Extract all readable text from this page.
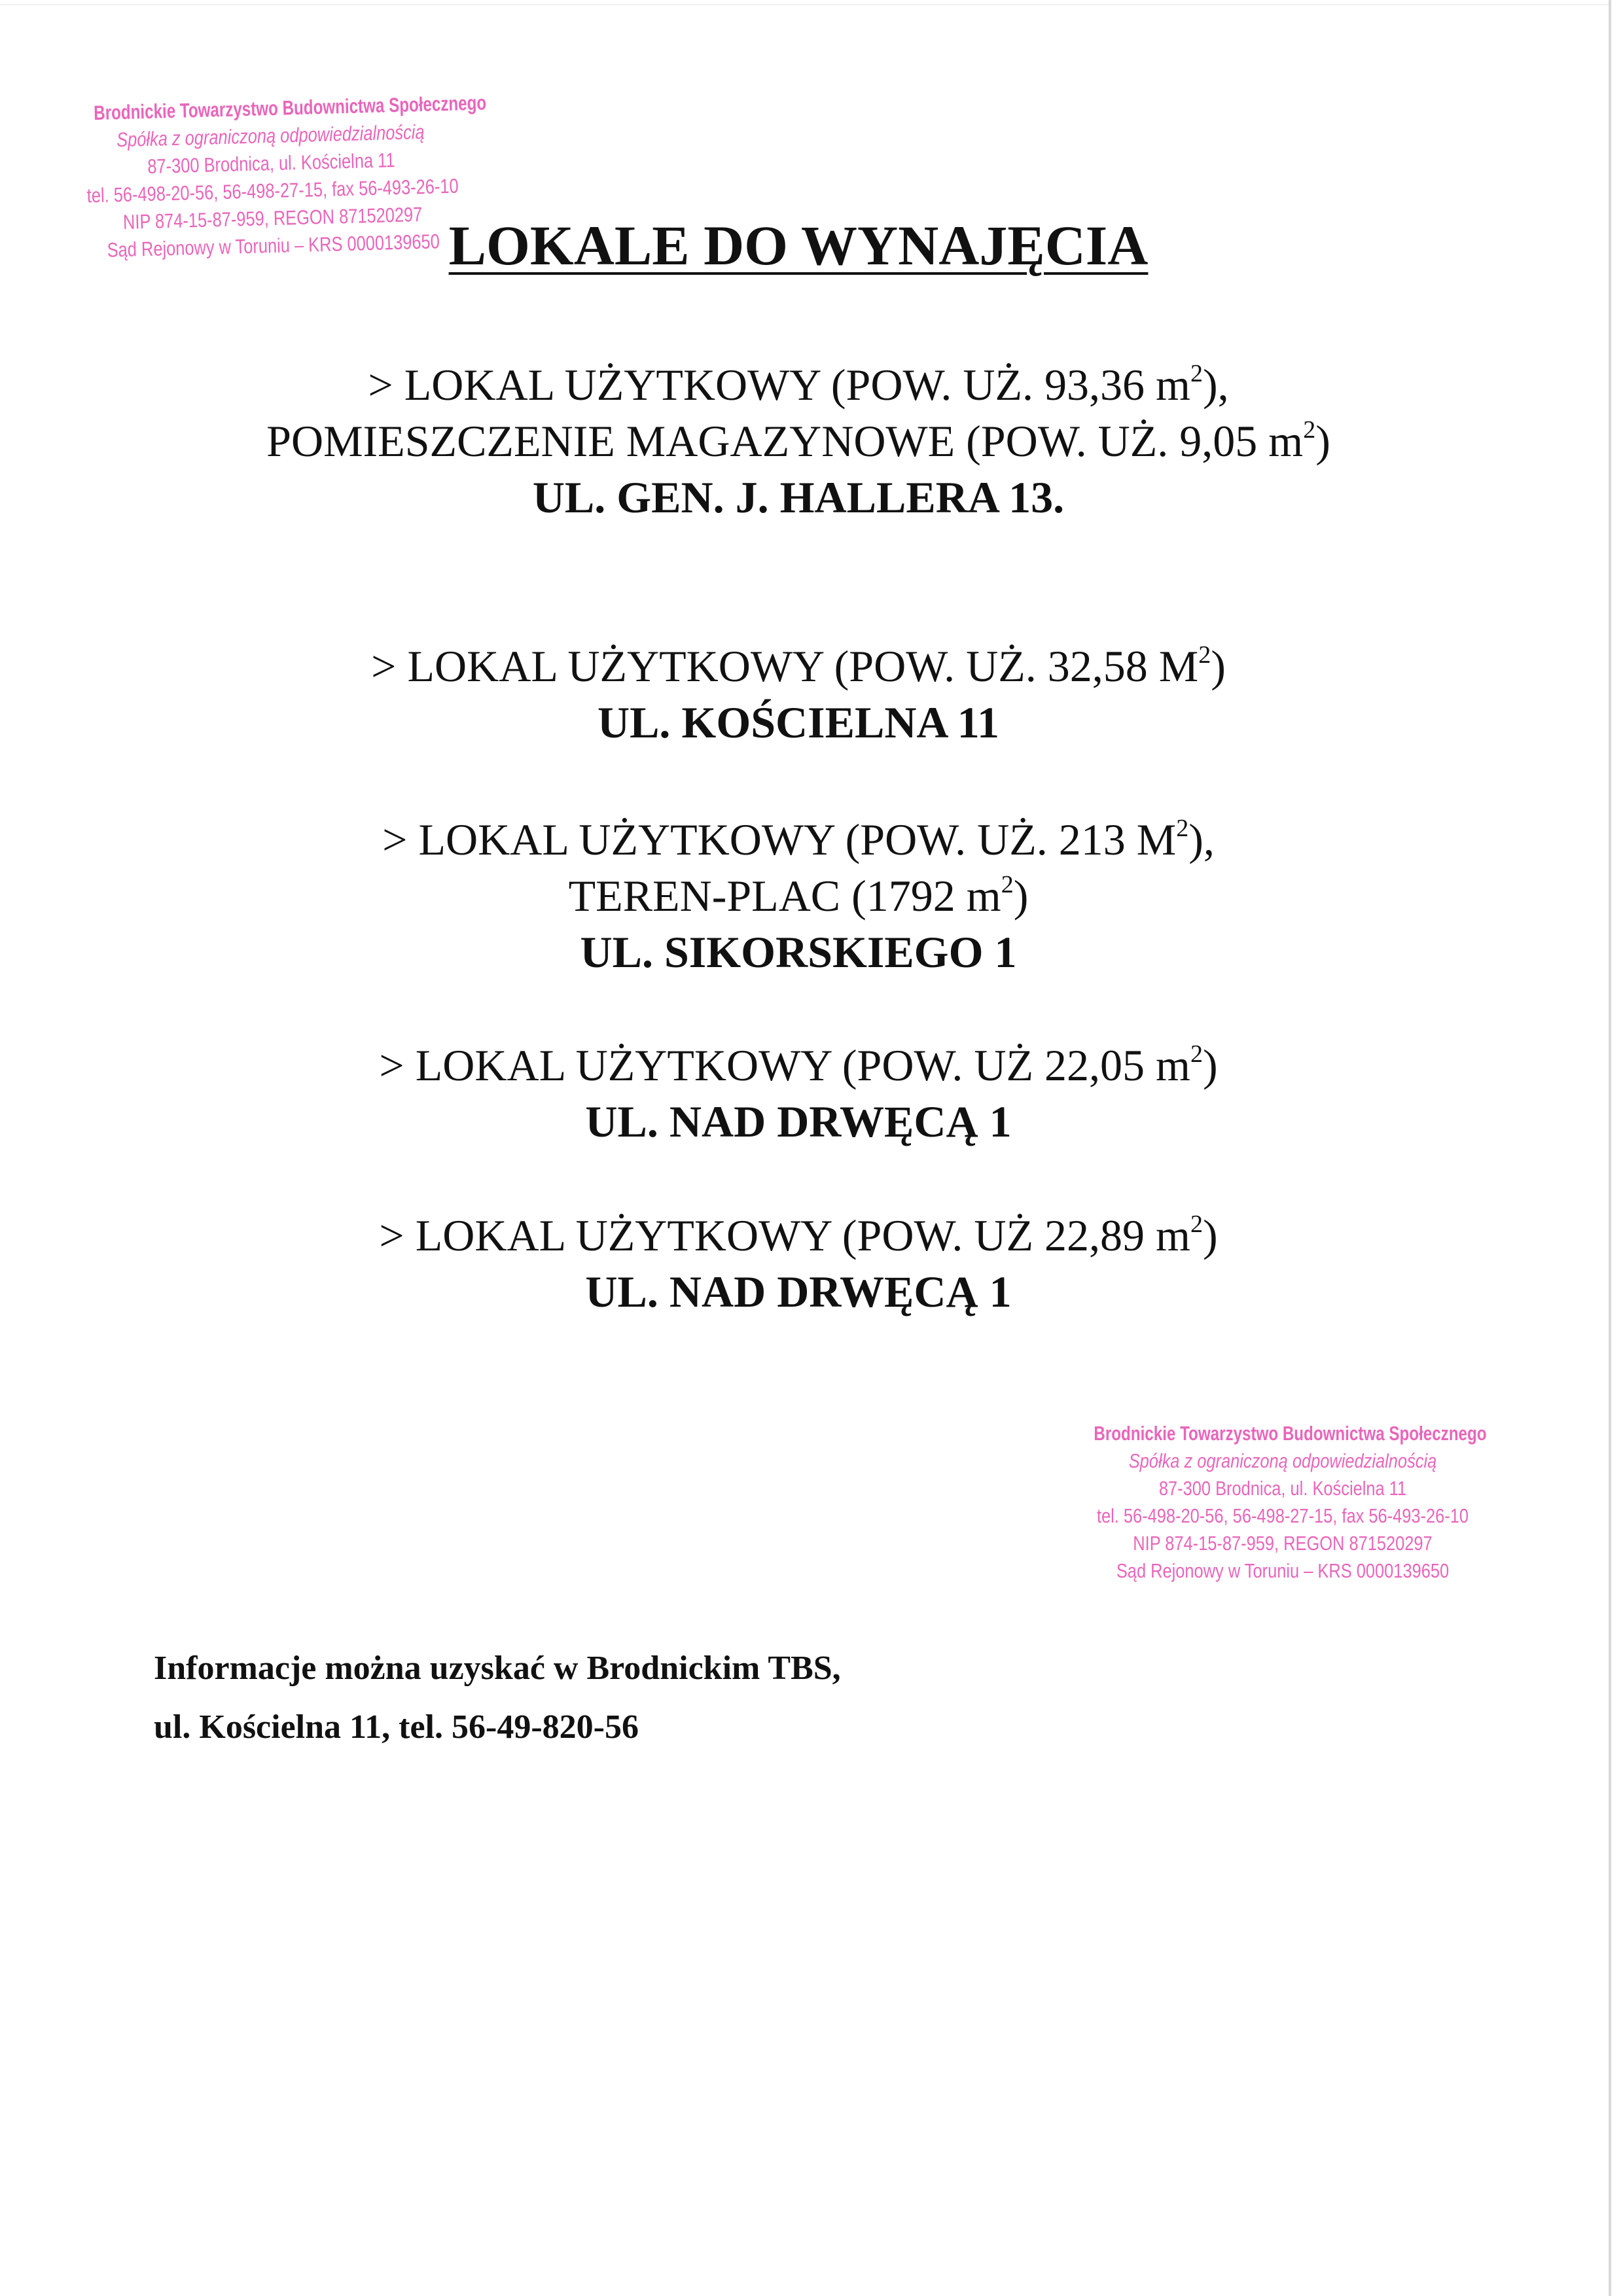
Brodnickie Towarzystwo Budownictwa Społecznego
Spółka z ograniczoną odpowiedzialnością
87-300 Brodnica, ul. Kościelna 11
tel. 56-498-20-56, 56-498-27-15, fax 56-493-26-10
NIP 874-15-87-959, REGON 871520297
Sąd Rejonowy w Toruniu – KRS 0000139650 LOKALE DO WYNAJĘCIA
> LOKAL UŻYTKOWY (POW. UŻ. 93,36 $m^2$),
POMIESZCZENIE MAGAZYNOWE (POW. UŻ. 9,05 $m^2$)
UL. GEN. J. HALLERA 13.
> LOKAL UŻYTKOWY (POW. UŻ. 32,58 $M^2$)
UL. KOŚCIELNA 11
> LOKAL UŻYTKOWY (POW. UŻ. 213 $M^2$),
TEREN-PLAC (1792 $m^2$)
UL. SIKORSKIEGO 1
> LOKAL UŻYTKOWY (POW. UŻ 22,05 $m^2$)
UL. NAD DRWĘCĄ 1
> LOKAL UŻYTKOWY (POW. UŻ 22,89 $m^2$)
UL. NAD DRWĘCĄ 1
Brodnickie Towarzystwo Budownictwa Społecznego
Spółka z ograniczoną odpowiedzialnością
87-300 Brodnica, ul. Kościelna 11
tel. 56-498-20-56, 56-498-27-15, fax 56-493-26-10
NIP 874-15-87-959, REGON 871520297
Sąd Rejonowy w Toruniu – KRS 0000139650
Informacje można uzyskać w Brodnickim TBS,
ul. Kościelna 11, tel. 56-49-820-56
